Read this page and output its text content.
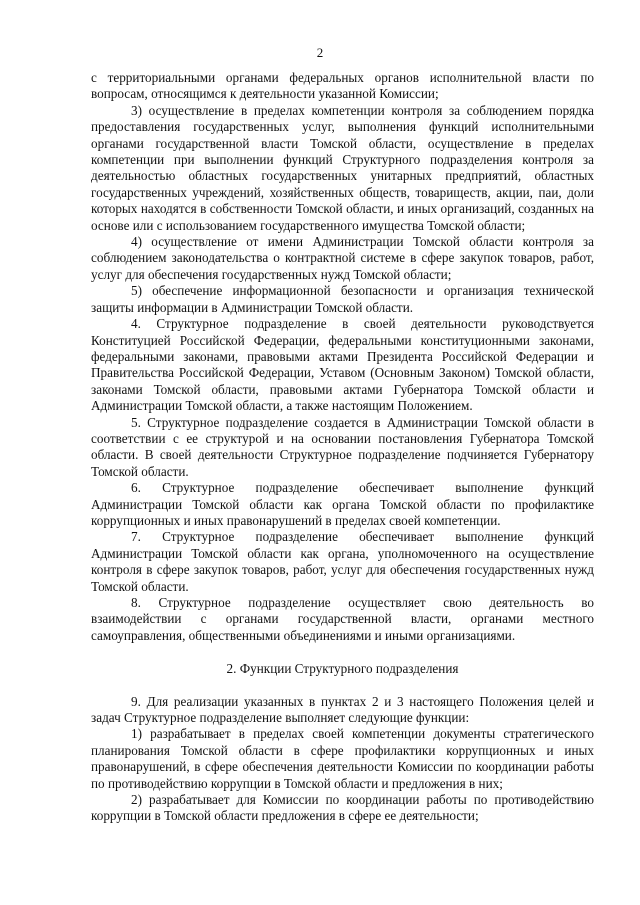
2

с территориальными органами федеральных органов исполнительной власти по вопросам, относящимся к деятельности указанной Комиссии;

3) осуществление в пределах компетенции контроля за соблюдением порядка предоставления государственных услуг, выполнения функций исполнительными органами государственной власти Томской области, осуществление в пределах компетенции при выполнении функций Структурного подразделения контроля за деятельностью областных государственных унитарных предприятий, областных государственных учреждений, хозяйственных обществ, товариществ, акции, паи, доли которых находятся в собственности Томской области, и иных организаций, созданных на основе или с использованием государственного имущества Томской области;

4) осуществление от имени Администрации Томской области контроля за соблюдением законодательства о контрактной системе в сфере закупок товаров, работ, услуг для обеспечения государственных нужд Томской области;

5) обеспечение информационной безопасности и организация технической защиты информации в Администрации Томской области.

4. Структурное подразделение в своей деятельности руководствуется Конституцией Российской Федерации, федеральными конституционными законами, федеральными законами, правовыми актами Президента Российской Федерации и Правительства Российской Федерации, Уставом (Основным Законом) Томской области, законами Томской области, правовыми актами Губернатора Томской области и Администрации Томской области, а также настоящим Положением.

5. Структурное подразделение создается в Администрации Томской области в соответствии с ее структурой и на основании постановления Губернатора Томской области. В своей деятельности Структурное подразделение подчиняется Губернатору Томской области.

6. Структурное подразделение обеспечивает выполнение функций Администрации Томской области как органа Томской области по профилактике коррупционных и иных правонарушений в пределах своей компетенции.

7. Структурное подразделение обеспечивает выполнение функций Администрации Томской области как органа, уполномоченного на осуществление контроля в сфере закупок товаров, работ, услуг для обеспечения государственных нужд Томской области.

8. Структурное подразделение осуществляет свою деятельность во взаимодействии с органами государственной власти, органами местного самоуправления, общественными объединениями и иными организациями.

2. Функции Структурного подразделения

9. Для реализации указанных в пунктах 2 и 3 настоящего Положения целей и задач Структурное подразделение выполняет следующие функции:

1) разрабатывает в пределах своей компетенции документы стратегического планирования Томской области в сфере профилактики коррупционных и иных правонарушений, в сфере обеспечения деятельности Комиссии по координации работы по противодействию коррупции в Томской области и предложения в них;

2) разрабатывает для Комиссии по координации работы по противодействию коррупции в Томской области предложения в сфере ее деятельности;
